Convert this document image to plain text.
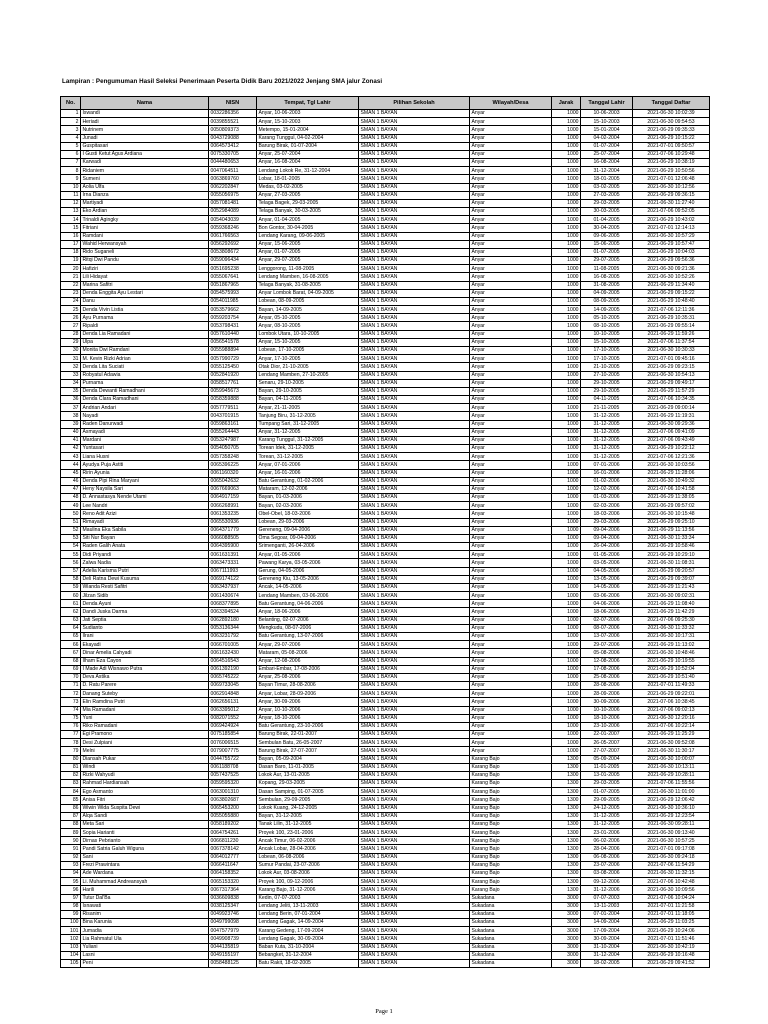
Lampiran : Pengumuman Hasil Seleksi Penerimaan Peserta Didik Baru 2021/2022 Jenjang SMA jalur Zonasi
No.	Nama	NISN	Tempat, Tgl Lahir	Pilihan Sekolah	Wilayah/Desa	Jarak	Tanggal Lahir	Tanggal Daftar
1	Iswandi	0032286356	Anyar, 10-06-2003	SMAN 1 BAYAN	Anyar	1000	10-06-2003	2021-06-30 10:02:39
2	Heriadi	0039855521	Anyar, 15-10-2003	SMAN 1 BAYAN	Anyar	1000	15-10-2003	2021-06-30 09:54:53
3	Nutrinem	0050809373	Metempo, 15-01-2004	SMAN 1 BAYAN	Anyar	1000	15-01-2004	2021-06-29 09:35:33
4	Junadi	0043729088	Karang Tunggul, 04-02-2004	SMAN 1 BAYAN	Anyar	1000	04-02-2004	2021-06-29 10:15:22
5	Guspitasari	0064573412	Barung Birak, 01-07-2004	SMAN 1 BAYAN	Anyar	1000	01-07-2004	2021-07-01 09:50:57
6	I Gusti Ketut Agus Ardiana	0075330705	Anyar, 25-07-2004	SMAN 1 BAYAN	Anyar	1000	25-07-2004	2021-07-06 10:29:48
7	Karwadi	0044480653	Anyar, 16-08-2004	SMAN 1 BAYAN	Anyar	1000	16-08-2004	2021-06-29 10:38:19
8	Ridaniem	0047064511	Lendang Lokok Re, 31-12-2004	SMAN 1 BAYAN	Anyar	1000	31-12-2004	2021-06-29 10:50:56
9	Sumeni	0063869760	Lobar, 18-01-2005	SMAN 1 BAYAN	Anyar	1000	18-01-2005	2021-07-01 12:06:48
10	Aolia Ulfa	0062202847	Medas, 03-02-2005	SMAN 1 BAYAN	Anyar	1000	03-02-2005	2021-06-30 10:12:56
11	Irna Dianza	0055056975	Anyar, 27-03-2005	SMAN 1 BAYAN	Anyar	1000	27-03-2005	2021-06-29 09:36:15
12	Martiyadi	0057081481	Telaga Bagek, 29-03-2005	SMAN 1 BAYAN	Anyar	1000	29-03-2005	2021-06-30 11:27:40
13	Eko Ardian	0052984089	Telaga Banyak, 30-03-2005	SMAN 1 BAYAN	Anyar	1000	30-03-2005	2021-07-06 09:52:05
14	Trinaldi Agingky	0054043039	Anyar, 01-04-2005	SMAN 1 BAYAN	Anyar	1000	01-04-2005	2021-06-29 10:43:02
15	Fitriani	0059368246	Bon Gontor, 30-04-2005	SMAN 1 BAYAN	Anyar	1000	30-04-2005	2021-07-01 12:14:13
16	Ramdani	0061766563	Lendang Karang, 09-06-2005	SMAN 1 BAYAN	Anyar	1000	09-06-2005	2021-06-30 10:57:29
17	Wahid Herwansyah	0056292692	Anyar, 15-06-2005	SMAN 1 BAYAN	Anyar	1000	15-06-2005	2021-06-29 10:57:47
18	Rido Suganeli	0053808672	Anyar, 01-07-2005	SMAN 1 BAYAN	Anyar	1000	01-07-2005	2021-06-29 10:04:03
19	Ritqi Dwi Pandu	0059096434	Anyar, 29-07-2005	SMAN 1 BAYAN	Anyar	1000	29-07-2005	2021-06-29 09:56:36
20	Hafiziri	0051695238	Lenggorong, 11-08-2005	SMAN 1 BAYAN	Anyar	1000	11-08-2005	2021-06-30 09:21:36
21	Lili Hidayat	0055067641	Lendang Mamben, 16-08-2005	SMAN 1 BAYAN	Anyar	1000	16-08-2005	2021-06-30 10:52:26
22	Marina Safitri	0051867965	Telaga Banyak, 31-08-2005	SMAN 1 BAYAN	Anyar	1000	31-08-2005	2021-06-29 11:34:40
23	Denda Enggita Ayu Lestari	0054575993	Anyar Lombok Barat, 04-09-2005	SMAN 1 BAYAN	Anyar	1000	04-09-2005	2021-06-29 09:15:22
24	Danu	0054011985	Lobean, 08-09-2005	SMAN 1 BAYAN	Anyar	1000	08-09-2005	2021-06-29 10:48:40
25	Denda Vivin Listia	0053579662	Bayan, 14-09-2005	SMAN 1 BAYAN	Anyar	1000	14-09-2005	2021-07-06 12:11:36
26	Ayu Purnama	0059203754	Anyar, 05-10-2005	SMAN 1 BAYAN	Anyar	1000	05-10-2005	2021-06-29 10:35:31
27	Ripaldi	0053798431	Anyar, 08-10-2005	SMAN 1 BAYAN	Anyar	1000	08-10-2005	2021-06-29 09:55:14
28	Denda Lia Ramadani	0057610440	Lombok Utara, 10-10-2005	SMAN 1 BAYAN	Anyar	1000	10-10-2005	2021-06-29 11:59:26
29	Ulpa	0056541578	Anyar, 15-10-2005	SMAN 1 BAYAN	Anyar	1000	15-10-2005	2021-07-06 11:37:54
30	Monita Dwi Ramdani	0055988894	Lobean, 17-10-2005	SMAN 1 BAYAN	Anyar	1000	17-10-2005	2021-06-30 10:30:33
31	M. Kevin Rizki Adrian	0057990729	Anyar, 17-10-2005	SMAN 1 BAYAN	Anyar	1000	17-10-2005	2021-07-01 09:45:16
32	Denda Lita Suciati	0055125450	Otak Dior, 21-10-2005	SMAN 1 BAYAN	Anyar	1000	21-10-2005	2021-06-29 09:23:15
33	Robyatul Adawia	0052841920	Lendang Mamben, 27-10-2005	SMAN 1 BAYAN	Anyar	1000	27-10-2005	2021-06-30 10:54:13
34	Purnama	0058517761	Senaru, 29-10-2005	SMAN 1 BAYAN	Anyar	1000	29-10-2005	2021-06-29 09:49:17
35	Denda Dewanti Ramadhani	0059945673	Bayan, 29-10-2005	SMAN 1 BAYAN	Anyar	1000	29-10-2005	2021-06-29 11:57:29
36	Denda Clara Ramadhani	0058359888	Bayan, 04-11-2005	SMAN 1 BAYAN	Anyar	1000	04-11-2005	2021-07-06 10:34:35
37	Andrian Andari	0057779511	Anyar, 21-11-2005	SMAN 1 BAYAN	Anyar	1000	21-11-2005	2021-06-29 09:00:14
38	Nayadi	0043701915	Tanjung Biru, 31-12-2005	SMAN 1 BAYAN	Anyar	1000	31-12-2005	2021-06-29 11:19:31
39	Raden Danurwadi	0059863161	Tumpang Sari, 31-12-2005	SMAN 1 BAYAN	Anyar	1000	31-12-2005	2021-06-30 09:29:36
40	Asmayadi	0055264443	Anyar, 31-12-2005	SMAN 1 BAYAN	Anyar	1000	31-12-2005	2021-07-06 09:41:09
41	Mardani	0053247987	Karang Tunggul, 31-12-2005	SMAN 1 BAYAN	Anyar	1000	31-12-2005	2021-07-06 09:43:49
42	Yuntasari	0054050705	Torean Idek, 31-12-2005	SMAN 1 BAYAN	Anyar	1000	31-12-2005	2021-06-29 10:22:12
43	Liana Husni	0057358248	Torean, 31-12-2005	SMAN 1 BAYAN	Anyar	1000	31-12-2005	2021-07-06 12:21:36
44	Ayudya Puja Astiti	0065396225	Anyar, 07-01-2006	SMAN 1 BAYAN	Anyar	1000	07-01-2006	2021-06-30 10:03:56
45	Ririn Ayunia	0061160320	Anyar, 16-01-2006	SMAN 1 BAYAN	Anyar	1000	16-01-2006	2021-06-29 11:28:06
46	Denda Pipi Rina Maryani	0065042632	Batu Gerantung, 01-02-2006	SMAN 1 BAYAN	Anyar	1000	01-02-2006	2021-06-30 10:49:32
47	Heny Naysila Sari	0067669063	Mataram, 12-02-2006	SMAN 1 BAYAN	Anyar	1000	12-02-2006	2021-07-06 10:41:58
48	D. Annastasya Nende Utami	0064917159	Bayan, 01-03-2006	SMAN 1 BAYAN	Anyar	1000	01-03-2006	2021-06-29 11:38:05
49	Lee Nandri	0066268991	Bayan, 02-03-2006	SMAN 1 BAYAN	Anyar	1000	02-03-2006	2021-06-29 09:57:02
50	Reno Adit Azizi	0061353235	Obel-Obel, 18-03-2006	SMAN 1 BAYAN	Anyar	1000	18-03-2006	2021-06-30 10:15:48
51	Rimayadi	0065530936	Lobean, 29-03-2006	SMAN 1 BAYAN	Anyar	1000	29-03-2006	2021-06-29 09:25:10
52	Maulina Eka Sabila	0064371779	Gereneng, 09-04-2006	SMAN 1 BAYAN	Anyar	1000	09-04-2006	2021-06-29 11:13:56
53	Siti Nur Bayan	0066088505	Oma Segoar, 09-04-2006	SMAN 1 BAYAN	Anyar	1000	09-04-2006	2021-06-30 11:33:34
54	Raden Galih Anata	0064395900	Srimenganti, 26-04-2006	SMAN 1 BAYAN	Anyar	1000	26-04-2006	2021-06-29 10:58:46
55	Didi Priyandi	0061631391	Anyar, 01-05-2006	SMAN 1 BAYAN	Anyar	1000	01-05-2006	2021-06-29 10:29:10
56	Zalwa Nadia	0063473331	Pawang Karya, 03-05-2006	SMAN 1 BAYAN	Anyar	1000	03-05-2006	2021-06-30 11:08:31
57	Adelia Karisma Putri	0067111993	Gerung, 04-05-2006	SMAN 1 BAYAN	Anyar	1000	04-05-2006	2021-06-29 09:20:57
58	Deli Ratna Dewi Kusuma	0069174122	Gereneng Kiu, 13-05-2006	SMAN 1 BAYAN	Anyar	1000	13-05-2006	2021-06-29 09:39:07
59	Wianda Resti Safitri	0063437937	Ancak, 14-05-2006	SMAN 1 BAYAN	Anyar	1000	14-05-2006	2021-06-29 11:21:43
60	Jilzan Sidib	0061430674	Lendang Mamben, 03-06-2006	SMAN 1 BAYAN	Anyar	1000	03-06-2006	2021-06-30 09:02:31
61	Denda Ayuni	0068377895	Batu Gerantung, 04-06-2006	SMAN 1 BAYAN	Anyar	1000	04-06-2006	2021-06-29 11:08:40
62	Dandi Juska Darma	0063394524	Anyar, 18-06-2006	SMAN 1 BAYAN	Anyar	1000	18-06-2006	2021-06-29 11:42:29
63	Jati Septia	0062892180	Belanting, 02-07-2006	SMAN 1 BAYAN	Anyar	1000	02-07-2006	2021-07-06 09:25:30
64	Sudianto	0053136344	Mengkudu, 08-07-2006	SMAN 1 BAYAN	Anyar	1000	08-07-2006	2021-06-30 11:33:32
65	Ilrani	0063231792	Batu Gerantung, 13-07-2006	SMAN 1 BAYAN	Anyar	1000	13-07-2006	2021-06-30 10:17:31
66	Ekayadi	0066701005	Anyar, 29-07-2006	SMAN 1 BAYAN	Anyar	1000	29-07-2006	2021-06-29 11:13:02
67	Dinar Amelia Cahyadi	0061632430	Mataram, 05-08-2006	SMAN 1 BAYAN	Anyar	1000	05-08-2006	2021-06-30 10:48:46
68	Ilham Eza Cayon	0064516543	Anyar, 12-08-2006	SMAN 1 BAYAN	Anyar	1000	12-08-2006	2021-06-29 10:19:55
69	I Made Adi Wisnawo Putra	0061392190	Embari-Embar, 17-08-2006	SMAN 1 BAYAN	Anyar	1000	17-08-2006	2021-06-29 10:52:04
70	Deva Astika	0065745222	Anyar, 25-08-2006	SMAN 1 BAYAN	Anyar	1000	25-08-2006	2021-06-29 10:51:40
71	D. Ratu Parere	0069733045	Bayan Timur, 28-08-2006	SMAN 1 BAYAN	Anyar	1000	28-08-2006	2021-07-01 11:49:33
72	Danang Suteby	0062914848	Anyar, Lobar, 28-09-2006	SMAN 1 BAYAN	Anyar	1000	28-09-2006	2021-06-29 09:22:01
73	Elin Ramdina Putri	0062656131	Anyar, 30-09-2006	SMAN 1 BAYAN	Anyar	1000	30-09-2006	2021-07-06 10:38:45
74	Mia Ramadani	0063395012	Anyar, 10-10-2006	SMAN 1 BAYAN	Anyar	1000	10-10-2006	2021-07-06 09:02:13
75	Yuni	0082071552	Anyar, 18-10-2006	SMAN 1 BAYAN	Anyar	1000	18-10-2006	2021-06-30 12:20:16
76	Riko Ramadani	0069424924	Batu Gerantung, 23-10-2006	SMAN 1 BAYAN	Anyar	1000	23-10-2006	2021-07-06 10:22:14
77	Egi Pramono	0075185854	Barung Birak, 22-01-2007	SMAN 1 BAYAN	Anyar	1000	22-01-2007	2021-06-29 11:25:29
78	Desi Zulpiani	0076006515	Sembulan Batu, 26-05-2007	SMAN 1 BAYAN	Anyar	1000	26-05-2007	2021-06-30 09:52:08
79	Melni	0079007775	Barung Birak, 27-07-2007	SMAN 1 BAYAN	Anyar	1000	27-07-2007	2021-06-30 11:30:17
80	Diansah Pukar	0044755722	Bayan, 05-09-2004	SMAN 1 BAYAN	Karang Bajo	1300	05-09-2004	2021-06-30 10:00:07
81	Windi	0061188708	Dasan Baro, 11-01-2005	SMAN 1 BAYAN	Karang Bajo	1300	11-01-2005	2021-06-30 10:13:11
82	Rizki Wahyudi	0057437525	Lokok Aur, 13-01-2005	SMAN 1 BAYAN	Karang Bajo	1300	13-01-2005	2021-06-29 10:28:11
83	Rahmad Hardiansah	0059595320	Kopang, 29-03-2005	SMAN 1 BAYAN	Karang Bajo	1300	29-03-2005	2021-07-06 11:55:56
84	Ego Asmanto	0063001310	Dasan Samping, 01-07-2005	SMAN 1 BAYAN	Karang Bajo	1300	01-07-2005	2021-06-30 11:01:00
85	Anisa Fitri	0063802687	Sembulan, 29-09-2005	SMAN 1 BAYAN	Karang Bajo	1300	29-09-2005	2021-06-29 12:06:42
86	Wiwin Wida Suspita Dewi	0065453200	Lokok Kuang, 24-12-2005	SMAN 1 BAYAN	Karang Bajo	1300	24-12-2005	2021-06-30 10:36:10
87	Alqa Sandi	0055055880	Bayan, 31-12-2005	SMAN 1 BAYAN	Karang Bajo	1300	31-12-2005	2021-06-29 12:23:54
88	Meta Sari	0058189202	Tanak Lilin, 31-12-2005	SMAN 1 BAYAN	Karang Bajo	1300	31-12-2005	2021-06-30 09:28:11
89	Sopia Harianti	0064754261	Proyek 100, 23-01-2006	SMAN 1 BAYAN	Karang Bajo	1300	23-01-2006	2021-06-30 09:13:40
90	Dirnas Pebrianto	0066811230	Ancak Timur, 06-02-2006	SMAN 1 BAYAN	Karang Bajo	1300	06-02-2006	2021-06-30 10:57:25
91	Pandi Satria Galuh Wiguna	0067378142	Ancak Lobar, 28-04-2006	SMAN 1 BAYAN	Karang Bajo	1300	28-04-2006	2021-07-01 09:17:08
92	Sani	0064012777	Lobean, 06-08-2006	SMAN 1 BAYAN	Karang Bajo	1300	06-08-2006	2021-06-30 09:24:18
93	Frezi Prawintara	0066411647	Sumur Pandai, 23-07-2006	SMAN 1 BAYAN	Karang Bajo	1300	23-07-2006	2021-07-06 11:54:29
94	Ade Wardana	0064158352	Lokok Aur, 03-08-2006	SMAN 1 BAYAN	Karang Bajo	1300	03-08-2006	2021-06-30 11:32:15
95	Li. Muhammad Andreansyah	0065153320	Proyek 100, 09-12-2006	SMAN 1 BAYAN	Karang Bajo	1300	09-12-2006	2021-07-06 10:42:48
96	Harili	0067317364	Karang Bajo, 31-12-2006	SMAN 1 BAYAN	Karang Bajo	1300	31-12-2006	2021-06-30 10:09:56
97	Tutur Dal'Ba	0036609838	Kedin, 07-07-2003	SMAN 1 BAYAN	Sukadana	3000	07-07-2003	2021-07-06 10:04:24
98	Isnawati	0038125347	Lendang Jeliti, 13-11-2003	SMAN 1 BAYAN	Sukadana	3000	13-11-2003	2021-07-01 11:21:58
99	Risanim	0049923746	Lendang Berin, 07-01-2004	SMAN 1 BAYAN	Sukadana	3000	07-01-2004	2021-07-01 11:18:05
100	Bina Karunia	0049799098	Lendang Gagak, 14-09-2004	SMAN 1 BAYAN	Sukadana	3000	14-09-2004	2021-06-29 11:03:25
101	Jumadia	0047577979	Karang Gedeng, 17-09-2004	SMAN 1 BAYAN	Sukadana	3000	17-09-2004	2021-06-29 10:24:06
102	Lia Rahmatul Ula	0049908739	Lendang Gagak, 30-09-2004	SMAN 1 BAYAN	Sukadana	3000	30-09-2004	2021-07-01 11:51:46
103	Yuliani	0044135819	Baban Kuta, 31-10-2004	SMAN 1 BAYAN	Sukadana	3000	31-10-2004	2021-06-30 10:42:19
104	Lasni	0049155197	Bebangket, 31-12-2004	SMAN 1 BAYAN	Sukadana	3000	31-12-2004	2021-06-29 10:16:48
105	Peni	0058488125	Batu Rakit, 18-02-2005	SMAN 1 BAYAN	Sukadana	3000	18-02-2005	2021-06-29 09:41:52
Page 1
